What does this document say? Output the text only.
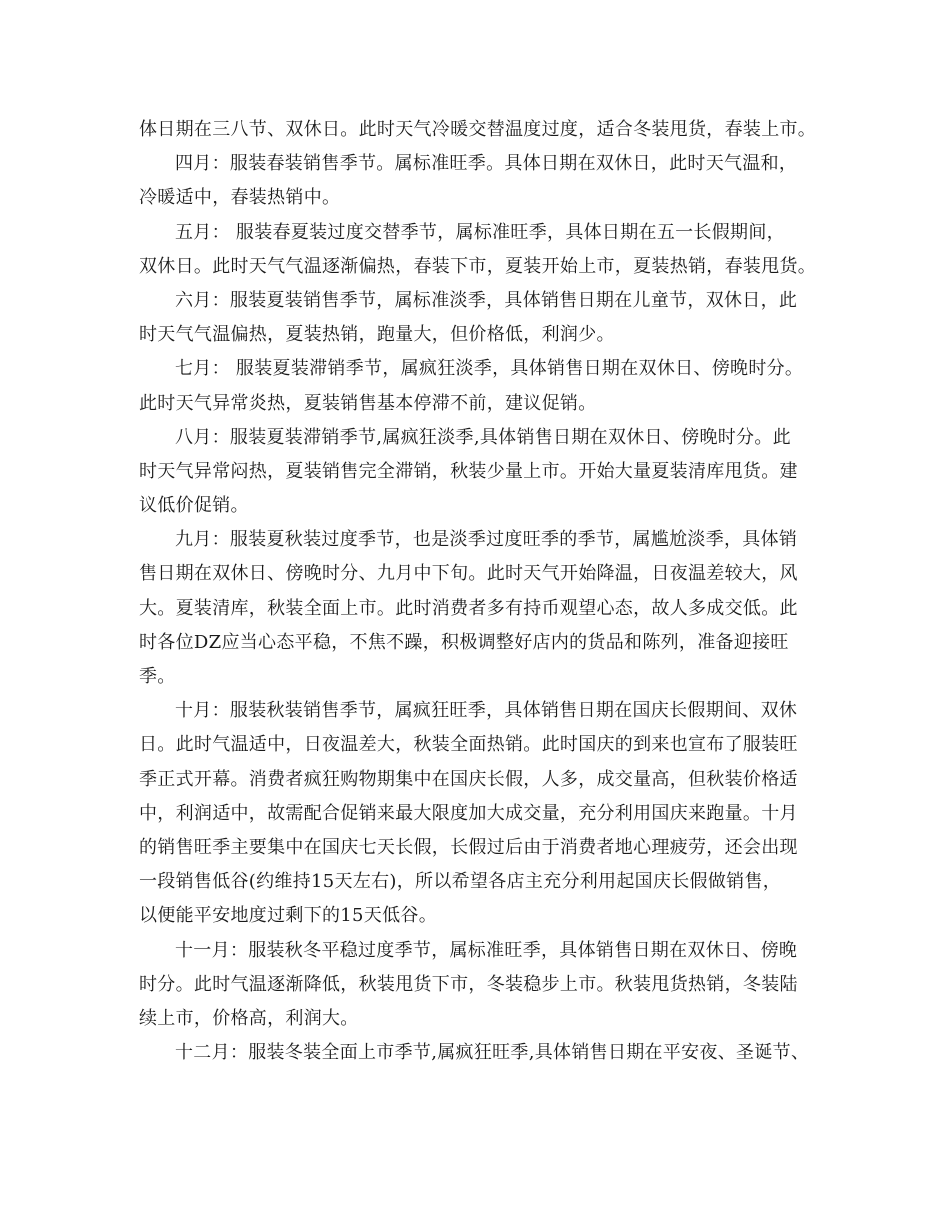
体日期在三八节、双休日。此时天气冷暖交替温度过度，适合冬装甩货，春装上市。
四月：服装春装销售季节。属标准旺季。具体日期在双休日，此时天气温和，
冷暖适中，春装热销中。
五月： 服装春夏装过度交替季节，属标准旺季，具体日期在五一长假期间，
双休日。此时天气气温逐渐偏热，春装下市，夏装开始上市，夏装热销，春装甩货。
六月：服装夏装销售季节，属标准淡季，具体销售日期在儿童节，双休日，此
时天气气温偏热，夏装热销，跑量大，但价格低，利润少。
七月： 服装夏装滞销季节，属疯狂淡季，具体销售日期在双休日、傍晚时分。
此时天气异常炎热，夏装销售基本停滞不前，建议促销。
八月：服装夏装滞销季节,属疯狂淡季,具体销售日期在双休日、傍晚时分。此
时天气异常闷热，夏装销售完全滞销，秋装少量上市。开始大量夏装清库甩货。建
议低价促销。
九月：服装夏秋装过度季节，也是淡季过度旺季的季节，属尴尬淡季，具体销
售日期在双休日、傍晚时分、九月中下旬。此时天气开始降温，日夜温差较大，风
大。夏装清库，秋装全面上市。此时消费者多有持币观望心态，故人多成交低。此
时各位DZ应当心态平稳，不焦不躁，积极调整好店内的货品和陈列，准备迎接旺
季。
十月：服装秋装销售季节，属疯狂旺季，具体销售日期在国庆长假期间、双休
日。此时气温适中，日夜温差大，秋装全面热销。此时国庆的到来也宣布了服装旺
季正式开幕。消费者疯狂购物期集中在国庆长假，人多，成交量高，但秋装价格适
中，利润适中，故需配合促销来最大限度加大成交量，充分利用国庆来跑量。十月
的销售旺季主要集中在国庆七天长假，长假过后由于消费者地心理疲劳，还会出现
一段销售低谷(约维持15天左右)，所以希望各店主充分利用起国庆长假做销售，
以便能平安地度过剩下的15天低谷。
十一月：服装秋冬平稳过度季节，属标准旺季，具体销售日期在双休日、傍晚
时分。此时气温逐渐降低，秋装甩货下市，冬装稳步上市。秋装甩货热销，冬装陆
续上市，价格高，利润大。
十二月：服装冬装全面上市季节,属疯狂旺季,具体销售日期在平安夜、圣诞节、
